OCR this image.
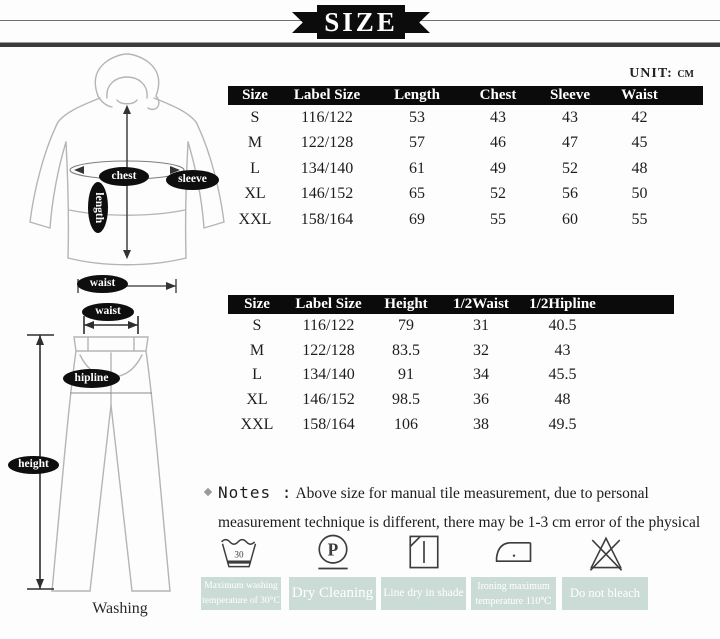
SIZE
UNIT: CM
chest	sleeve
length
waist
waist
hipline
height
Washing
Size	Label Size	Length	Chest	Sleeve	Waist
S	116/122	53	43	43	42
M	122/128	57	46	47	45
L	134/140	61	49	52	48
XL	146/152	65	52	56	50
XXL	158/164	69	55	60	55
Size	Label Size	Height	1/2Waist	1/2Hipline
S	116/122	79	31	40.5
M	122/128	83.5	32	43
L	134/140	91	34	45.5
XL	146/152	98.5	36	48
XXL	158/164	106	38	49.5
Notes : Above size for manual tile measurement, due to personal
measurement technique is different, there may be 1-3 cm error of the physical
30	P
Maximum washing
temperature of 30°C Dry Cleaning Line dry in shade
Ironing maximum
temperature 110℃
Do not bleach
